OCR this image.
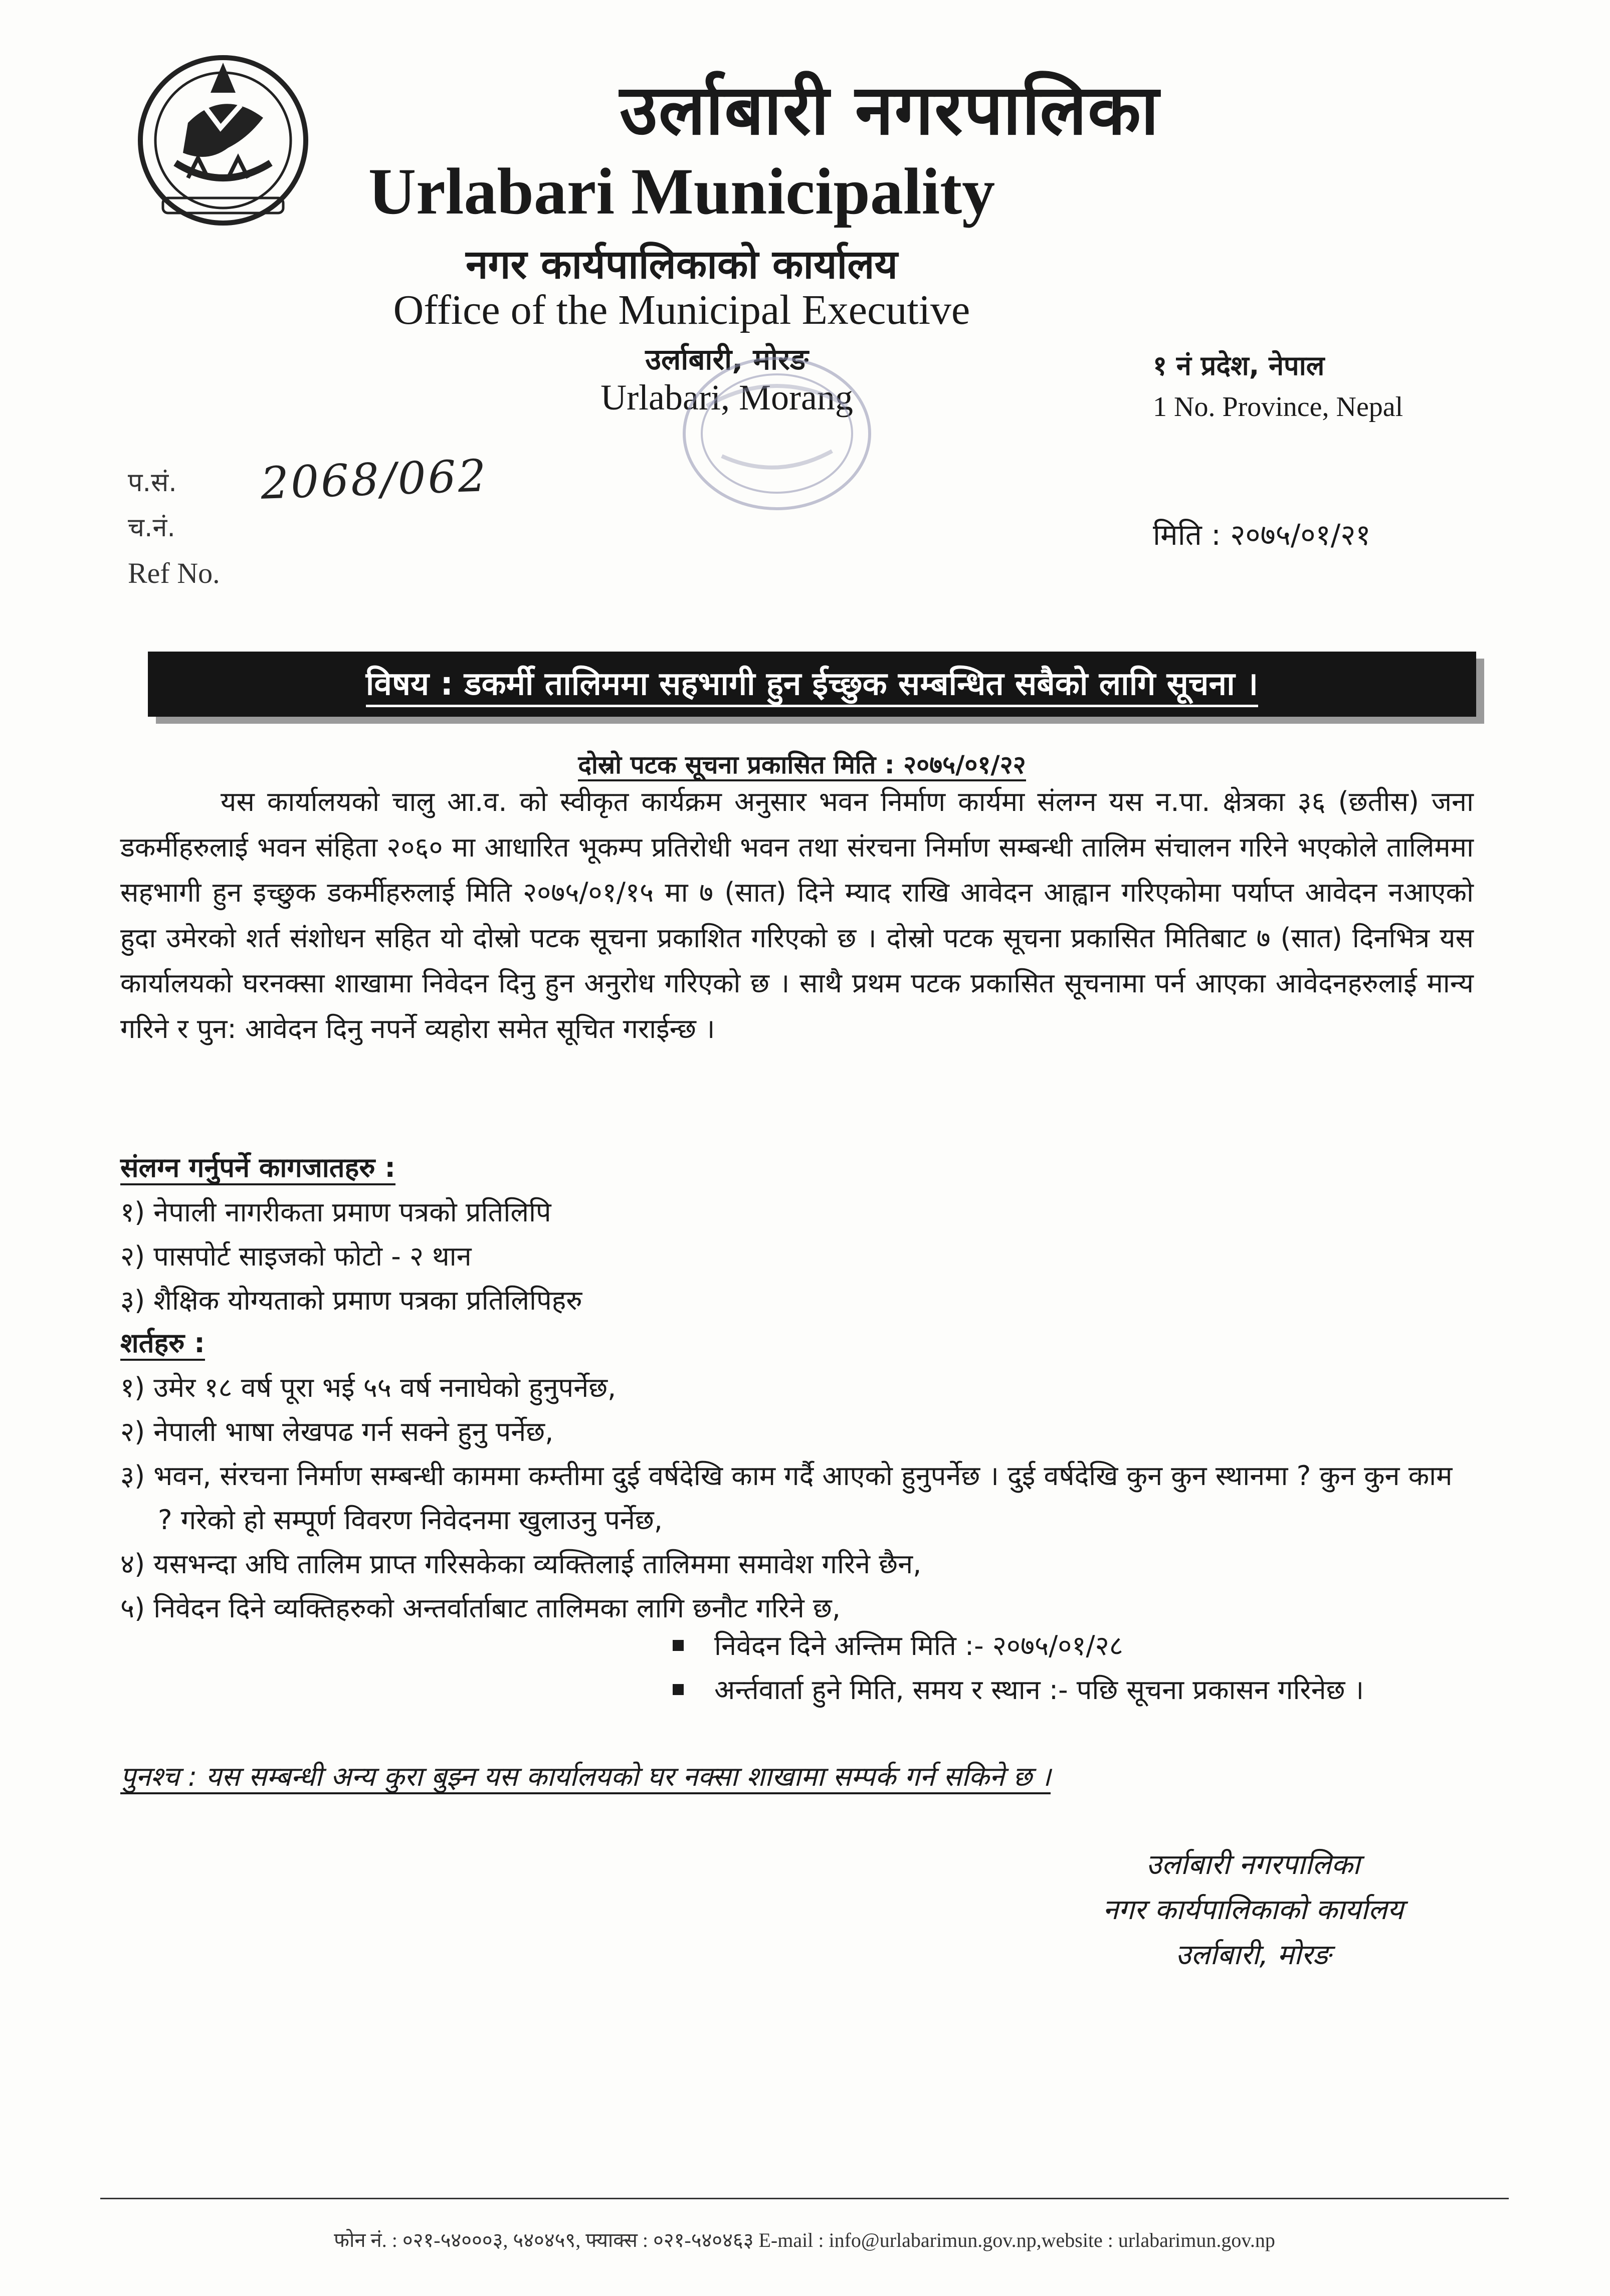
उर्लाबारी नगरपालिका
Urlabari Municipality
नगर कार्यपालिकाको कार्यालय
Office of the Municipal Executive
उर्लाबारी, मोरङ
Urlabari, Morang
१ नं प्रदेश, नेपाल
1 No. Province, Nepal
प.सं.
च.नं.
Ref No.
2068/062
मिति : २०७५/०१/२१
विषय : डकर्मी तालिममा सहभागी हुन ईच्छुक सम्बन्धित सबैको लागि सूचना ।
दोस्रो पटक सूचना प्रकासित मिति : २०७५/०१/२२

यस कार्यालयको चालु आ.व. को स्वीकृत कार्यक्रम अनुसार भवन निर्माण कार्यमा संलग्न यस न.पा. क्षेत्रका ३६ (छतीस) जना डकर्मीहरुलाई भवन संहिता २०६० मा आधारित भूकम्प प्रतिरोधी भवन तथा संरचना निर्माण सम्बन्धी तालिम संचालन गरिने भएकोले तालिममा सहभागी हुन इच्छुक डकर्मीहरुलाई मिति २०७५/०१/१५ मा ७ (सात) दिने म्याद राखि आवेदन आह्वान गरिएकोमा पर्याप्त आवेदन नआएको हुदा उमेरको शर्त संशोधन सहित यो दोस्रो पटक सूचना प्रकाशित गरिएको छ । दोस्रो पटक सूचना प्रकासित मितिबाट ७ (सात) दिनभित्र यस कार्यालयको घरनक्सा शाखामा निवेदन दिनु हुन अनुरोध गरिएको छ । साथै प्रथम पटक प्रकासित सूचनामा पर्न आएका आवेदनहरुलाई मान्य गरिने र पुन: आवेदन दिनु नपर्ने व्यहोरा समेत सूचित गराईन्छ ।

संलग्न गर्नुपर्ने कागजातहरु :
१) नेपाली नागरीकता प्रमाण पत्रको प्रतिलिपि
२) पासपोर्ट साइजको फोटो - २ थान
३) शैक्षिक योग्यताको प्रमाण पत्रका प्रतिलिपिहरु
शर्तहरु :
१) उमेर १८ वर्ष पूरा भई ५५ वर्ष ननाघेको हुनुपर्नेछ,
२) नेपाली भाषा लेखपढ गर्न सक्ने हुनु पर्नेछ,
३) भवन, संरचना निर्माण सम्बन्धी काममा कम्तीमा दुई वर्षदेखि काम गर्दै आएको हुनुपर्नेछ । दुई वर्षदेखि कुन कुन स्थानमा ? कुन कुन काम ? गरेको हो सम्पूर्ण विवरण निवेदनमा खुलाउनु पर्नेछ,
४) यसभन्दा अघि तालिम प्राप्त गरिसकेका व्यक्तिलाई तालिममा समावेश गरिने छैन,
५) निवेदन दिने व्यक्तिहरुको अन्तर्वार्ताबाट तालिमका लागि छनौट गरिने छ,
निवेदन दिने अन्तिम मिति :- २०७५/०१/२८
अर्न्तवार्ता हुने मिति, समय र स्थान :- पछि सूचना प्रकासन गरिनेछ ।
पुनश्च : यस सम्बन्धी अन्य कुरा बुझ्न यस कार्यालयको घर नक्सा शाखामा सम्पर्क गर्न सकिने छ ।
उर्लाबारी नगरपालिका
नगर कार्यपालिकाको कार्यालय
उर्लाबारी, मोरङ
फोन नं. : ०२१-५४०००३, ५४०४५९, फ्याक्स : ०२१-५४०४६३ E-mail : info@urlabarimun.gov.np,website : urlabarimun.gov.np
